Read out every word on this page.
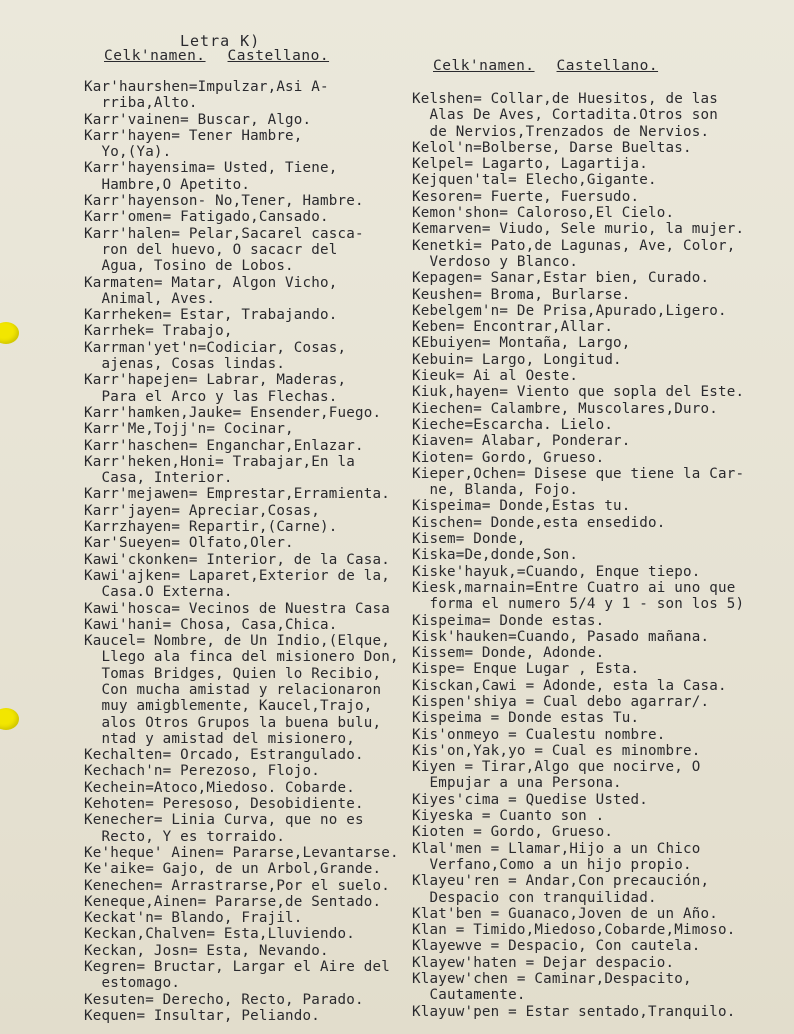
Letra K)
Celk'namen. Castellano.
Celk'namen. Castellano.
Kar'haurshen=Impulzar,Asi A-
rriba,Alto.
Karr'vainen= Buscar, Algo.
Karr'hayen= Tener Hambre,
Yo,(Ya).
Karr'hayensima= Usted, Tiene,
Hambre,O Apetito.
Karr'hayenson- No,Tener, Hambre.
Karr'omen= Fatigado,Cansado.
Karr'halen= Pelar,Sacarel casca-
ron del huevo, O sacacr del
Agua, Tosino de Lobos.
Karmaten= Matar, Algon Vicho,
Animal, Aves.
Karrheken= Estar, Trabajando.
Karrhek= Trabajo,
Karrman'yet'n=Codiciar, Cosas,
ajenas, Cosas lindas.
Karr'hapejen= Labrar, Maderas,
Para el Arco y las Flechas.
Karr'hamken,Jauke= Ensender,Fuego.
Karr'Me,Tojj'n= Cocinar,
Karr'haschen= Enganchar,Enlazar.
Karr'heken,Honi= Trabajar,En la
Casa, Interior.
Karr'mejawen= Emprestar,Erramienta.
Karr'jayen= Apreciar,Cosas,
Karrzhayen= Repartir,(Carne).
Kar'Sueyen= Olfato,Oler.
Kawi'ckonken= Interior, de la Casa.
Kawi'ajken= Laparet,Exterior de la,
Casa.O Externa.
Kawi'hosca= Vecinos de Nuestra Casa
Kawi'hani= Chosa, Casa,Chica.
Kaucel= Nombre, de Un Indio,(Elque,
Llego ala finca del misionero Don,
Tomas Bridges, Quien lo Recibio,
Con mucha amistad y relacionaron
muy amigblemente, Kaucel,Trajo,
alos Otros Grupos la buena bulu,
ntad y amistad del misionero,
Kechalten= Orcado, Estrangulado.
Kechach'n= Perezoso, Flojo.
Kechein=Atoco,Miedoso. Cobarde.
Kehoten= Peresoso, Desobidiente.
Kenecher= Linia Curva, que no es
Recto, Y es torraido.
Ke'heque' Ainen= Pararse,Levantarse.
Ke'aike= Gajo, de un Arbol,Grande.
Kenechen= Arrastrarse,Por el suelo.
Keneque,Ainen= Pararse,de Sentado.
Keckat'n= Blando, Frajil.
Keckan,Chalven= Esta,Lluviendo.
Keckan, Josn= Esta, Nevando.
Kegren= Bructar, Largar el Aire del
estomago.
Kesuten= Derecho, Recto, Parado.
Kequen= Insultar, Peliando.
Kelshen= Collar,de Huesitos, de las
Alas De Aves, Cortadita.Otros son
de Nervios,Trenzados de Nervios.
Kelol'n=Bolberse, Darse Bueltas.
Kelpel= Lagarto, Lagartija.
Kejquen'tal= Elecho,Gigante.
Kesoren= Fuerte, Fuersudo.
Kemon'shon= Caloroso,El Cielo.
Kemarven= Viudo, Sele murio, la mujer.
Kenetki= Pato,de Lagunas, Ave, Color,
Verdoso y Blanco.
Kepagen= Sanar,Estar bien, Curado.
Keushen= Broma, Burlarse.
Kebelgem'n= De Prisa,Apurado,Ligero.
Keben= Encontrar,Allar.
KEbuiyen= Montaña, Largo,
Kebuin= Largo, Longitud.
Kieuk= Ai al Oeste.
Kiuk,hayen= Viento que sopla del Este.
Kiechen= Calambre, Muscolares,Duro.
Kieche=Escarcha. Lielo.
Kiaven= Alabar, Ponderar.
Kioten= Gordo, Grueso.
Kieper,Ochen= Disese que tiene la Car-
ne, Blanda, Fojo.
Kispeima= Donde,Estas tu.
Kischen= Donde,esta ensedido.
Kisem= Donde,
Kiska=De,donde,Son.
Kiske'hayuk,=Cuando, Enque tiepo.
Kiesk,marnain=Entre Cuatro ai uno que
forma el numero 5/4 y 1 - son los 5)
Kispeima= Donde estas.
Kisk'hauken=Cuando, Pasado mañana.
Kissem= Donde, Adonde.
Kispe= Enque Lugar , Esta.
Kisckan,Cawi = Adonde, esta la Casa.
Kispen'shiya = Cual debo agarrar/.
Kispeima = Donde estas Tu.
Kis'onmeyo = Cualestu nombre.
Kis'on,Yak,yo = Cual es minombre.
Kiyen = Tirar,Algo que nocirve, O
Empujar a una Persona.
Kiyes'cima = Quedise Usted.
Kiyeska = Cuanto son .
Kioten = Gordo, Grueso.
Klal'men = Llamar,Hijo a un Chico
Verfano,Como a un hijo propio.
Klayeu'ren = Andar,Con precaución,
Despacio con tranquilidad.
Klat'ben = Guanaco,Joven de un Año.
Klan = Timido,Miedoso,Cobarde,Mimoso.
Klayewve = Despacio, Con cautela.
Klayew'haten = Dejar despacio.
Klayew'chen = Caminar,Despacito,
Cautamente.
Klayuw'pen = Estar sentado,Tranquilo.
